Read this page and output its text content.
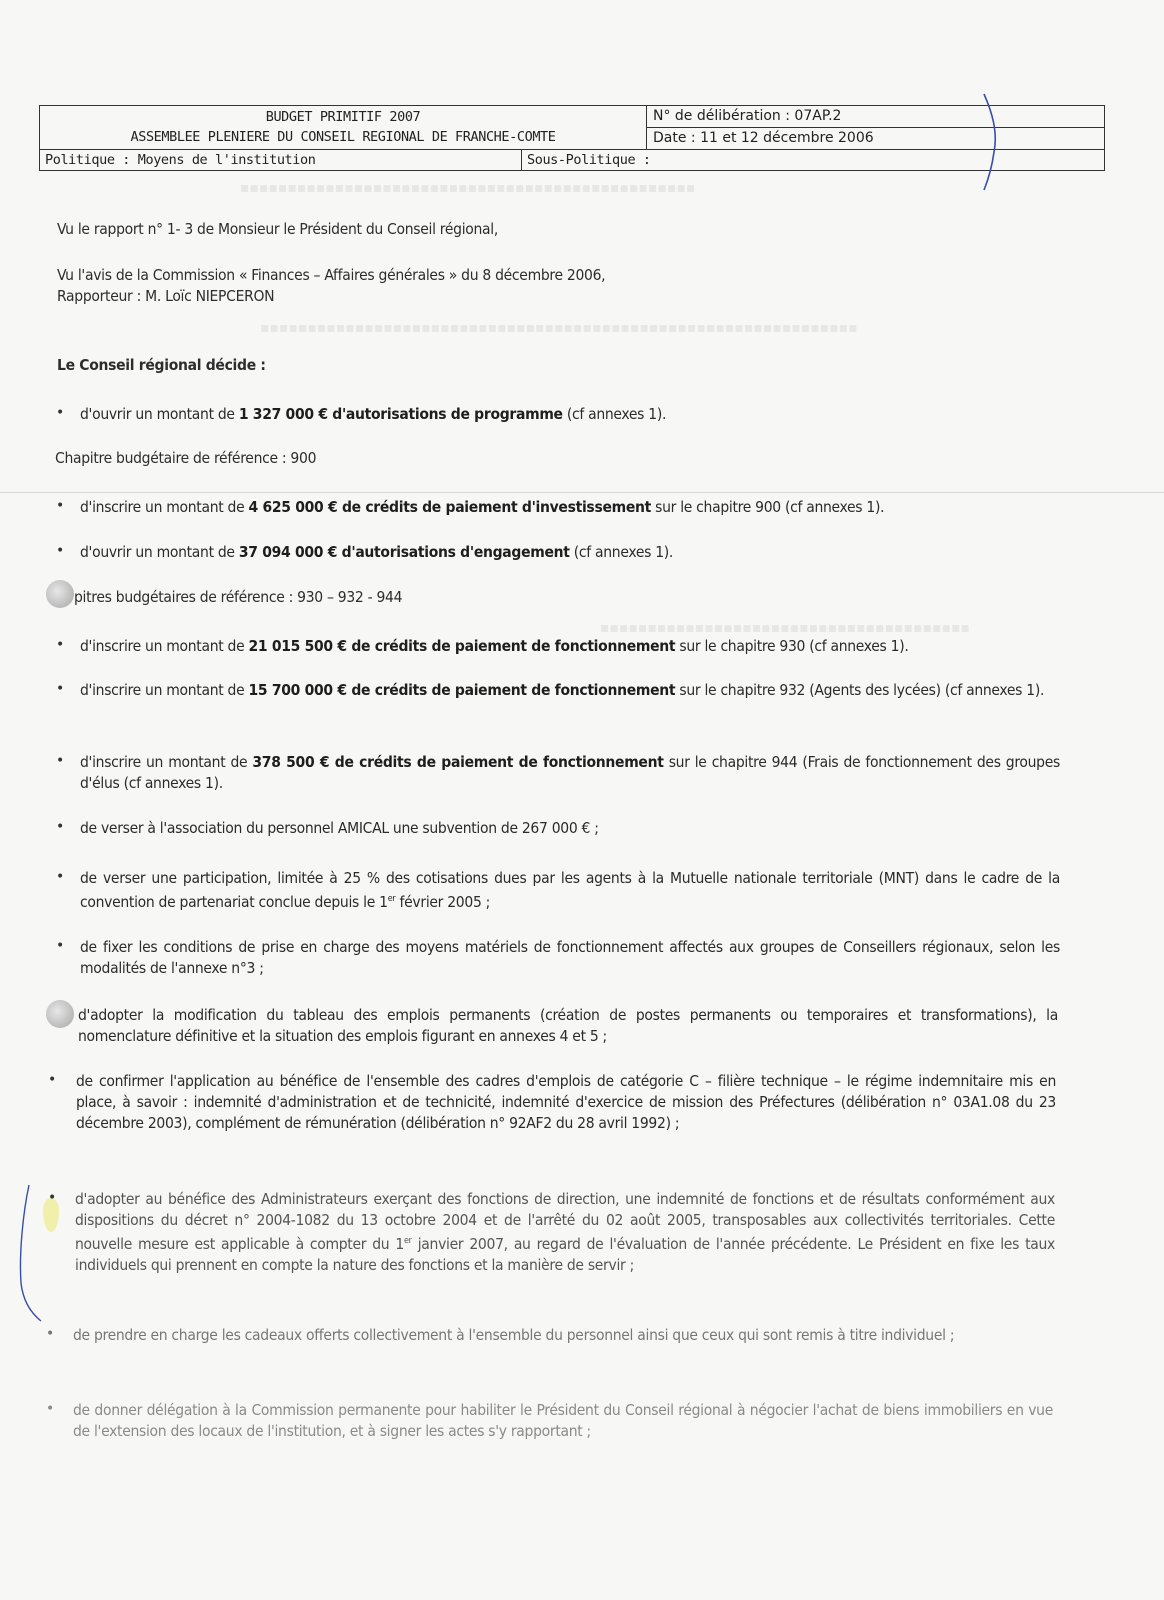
▪▪▪▪▪▪▪▪▪▪▪▪▪▪▪▪▪▪▪▪▪▪▪▪▪▪▪▪▪▪▪▪▪▪▪▪▪▪▪▪▪▪▪▪▪▪▪▪
▪▪▪▪▪▪▪▪▪▪▪▪▪▪▪▪▪▪▪▪▪▪▪▪▪▪▪▪▪▪▪▪▪▪▪▪▪▪▪▪▪▪▪▪▪▪▪▪▪▪▪▪▪▪▪▪▪▪▪▪▪▪▪
▪▪▪▪▪▪▪▪▪▪▪▪▪▪▪▪▪▪▪▪▪▪▪▪▪▪▪▪▪▪▪▪▪▪▪▪▪▪▪
BUDGET PRIMITIF 2007
ASSEMBLEE PLENIERE DU CONSEIL REGIONAL DE FRANCHE-COMTE
N° de délibération : 07AP.2
Date : 11 et 12 décembre 2006
Politique : Moyens de l'institution	Sous-Politique :
Vu le rapport n° 1- 3 de Monsieur le Président du Conseil régional,
Vu l'avis de la Commission « Finances – Affaires générales » du 8 décembre 2006,
Rapporteur : M. Loïc NIEPCERON
Le Conseil régional décide :
• d'ouvrir un montant de 1 327 000 € d'autorisations de programme (cf annexes 1).
Chapitre budgétaire de référence : 900
• d'inscrire un montant de 4 625 000 € de crédits de paiement d'investissement sur le chapitre 900 (cf annexes 1).
• d'ouvrir un montant de 37 094 000 € d'autorisations d'engagement (cf annexes 1).
pitres budgétaires de référence : 930 – 932 - 944
• d'inscrire un montant de 21 015 500 € de crédits de paiement de fonctionnement sur le chapitre 930 (cf annexes 1).
• d'inscrire un montant de 15 700 000 € de crédits de paiement de fonctionnement sur le chapitre 932 (Agents des lycées) (cf annexes 1).
• d'inscrire un montant de 378 500 € de crédits de paiement de fonctionnement sur le chapitre 944 (Frais de fonctionnement des groupes d'élus (cf annexes 1).
• de verser à l'association du personnel AMICAL une subvention de 267 000 € ;
• de verser une participation, limitée à 25 % des cotisations dues par les agents à la Mutuelle nationale territoriale (MNT) dans le cadre de la convention de partenariat conclue depuis le 1er février 2005 ;
• de fixer les conditions de prise en charge des moyens matériels de fonctionnement affectés aux groupes de Conseillers régionaux, selon les modalités de l'annexe n°3 ;
d'adopter la modification du tableau des emplois permanents (création de postes permanents ou temporaires et transformations), la nomenclature définitive et la situation des emplois figurant en annexes 4 et 5 ;
• de confirmer l'application au bénéfice de l'ensemble des cadres d'emplois de catégorie C – filière technique – le régime indemnitaire mis en place, à savoir : indemnité d'administration et de technicité, indemnité d'exercice de mission des Préfectures (délibération n° 03A1.08 du 23 décembre 2003), complément de rémunération (délibération n° 92AF2 du 28 avril 1992) ;
• d'adopter au bénéfice des Administrateurs exerçant des fonctions de direction, une indemnité de fonctions et de résultats conformément aux dispositions du décret n° 2004-1082 du 13 octobre 2004 et de l'arrêté du 02 août 2005, transposables aux collectivités territoriales. Cette nouvelle mesure est applicable à compter du 1er janvier 2007, au regard de l'évaluation de l'année précédente. Le Président en fixe les taux individuels qui prennent en compte la nature des fonctions et la manière de servir ;
• de prendre en charge les cadeaux offerts collectivement à l'ensemble du personnel ainsi que ceux qui sont remis à titre individuel ;
• de donner délégation à la Commission permanente pour habiliter le Président du Conseil régional à négocier l'achat de biens immobiliers en vue de l'extension des locaux de l'institution, et à signer les actes s'y rapportant ;
